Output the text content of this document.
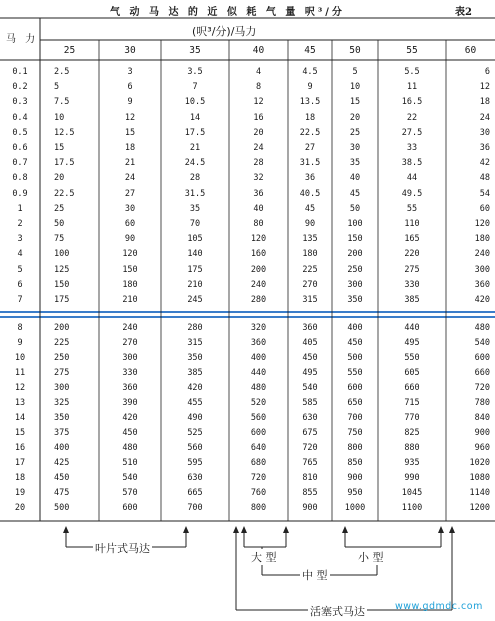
气 动 马 达 的 近 似 耗 气 量 呎³/分	表2
(呎³/分)/马力
马 力
25	30	35	40	45	50	55	60
0.1	2.5	3	3.5	4	4.5	5	5.5	6
0.2	5	6	7	8	9	10	11	12
0.3	7.5	9	10.5	12	13.5	15	16.5	18
0.4	10	12	14	16	18	20	22	24
0.5	12.5	15	17.5	20	22.5	25	27.5	30
0.6	15	18	21	24	27	30	33	36
0.7	17.5	21	24.5	28	31.5	35	38.5	42
0.8	20	24	28	32	36	40	44	48
0.9	22.5	27	31.5	36	40.5	45	49.5	54
1	25	30	35	40	45	50	55	60
2	50	60	70	80	90	100	110	120
3	75	90	105	120	135	150	165	180
4	100	120	140	160	180	200	220	240
5	125	150	175	200	225	250	275	300
6	150	180	210	240	270	300	330	360
7	175	210	245	280	315	350	385	420
8	200	240	280	320	360	400	440	480
9	225	270	315	360	405	450	495	540
10	250	300	350	400	450	500	550	600
11	275	330	385	440	495	550	605	660
12	300	360	420	480	540	600	660	720
13	325	390	455	520	585	650	715	780
14	350	420	490	560	630	700	770	840
15	375	450	525	600	675	750	825	900
16	400	480	560	640	720	800	880	960
17	425	510	595	680	765	850	935	1020
18	450	540	630	720	810	900	990	1080
19	475	570	665	760	855	950	1045	1140
20	500	600	700	800	900	1000	1100	1200
叶片式马达
大 型	小 型
中 型
活塞式马达	www.gdmdc.com
